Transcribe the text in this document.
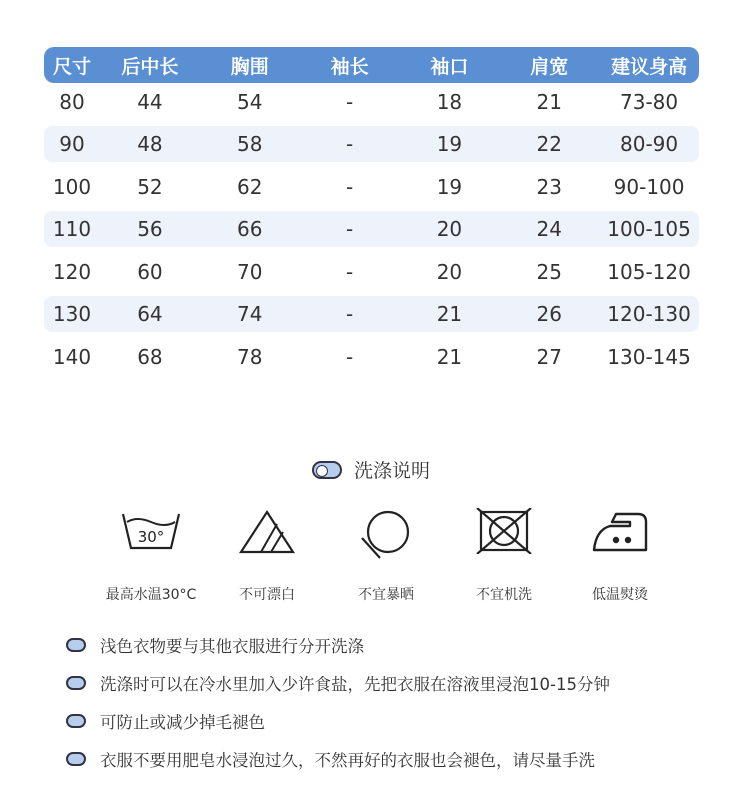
尺寸	后中长	胸围	袖长	袖口	肩宽	建议身高
80	44	54	-	18	21	73-80
90	48	58	-	19	22	80-90
100	52	62	-	19	23	90-100
110	56	66	-	20	24	100-105
120	60	70	-	20	25	105-120
130	64	74	-	21	26	120-130
140	68	78	-	21	27	130-145
洗涤说明
30°
最高水温30°C	不可漂白	不宜暴晒	不宜机洗	低温熨烫
浅色衣物要与其他衣服进行分开洗涤
洗涤时可以在冷水里加入少许食盐，先把衣服在溶液里浸泡10-15分钟
可防止或减少掉毛褪色
衣服不要用肥皂水浸泡过久，不然再好的衣服也会褪色，请尽量手洗
